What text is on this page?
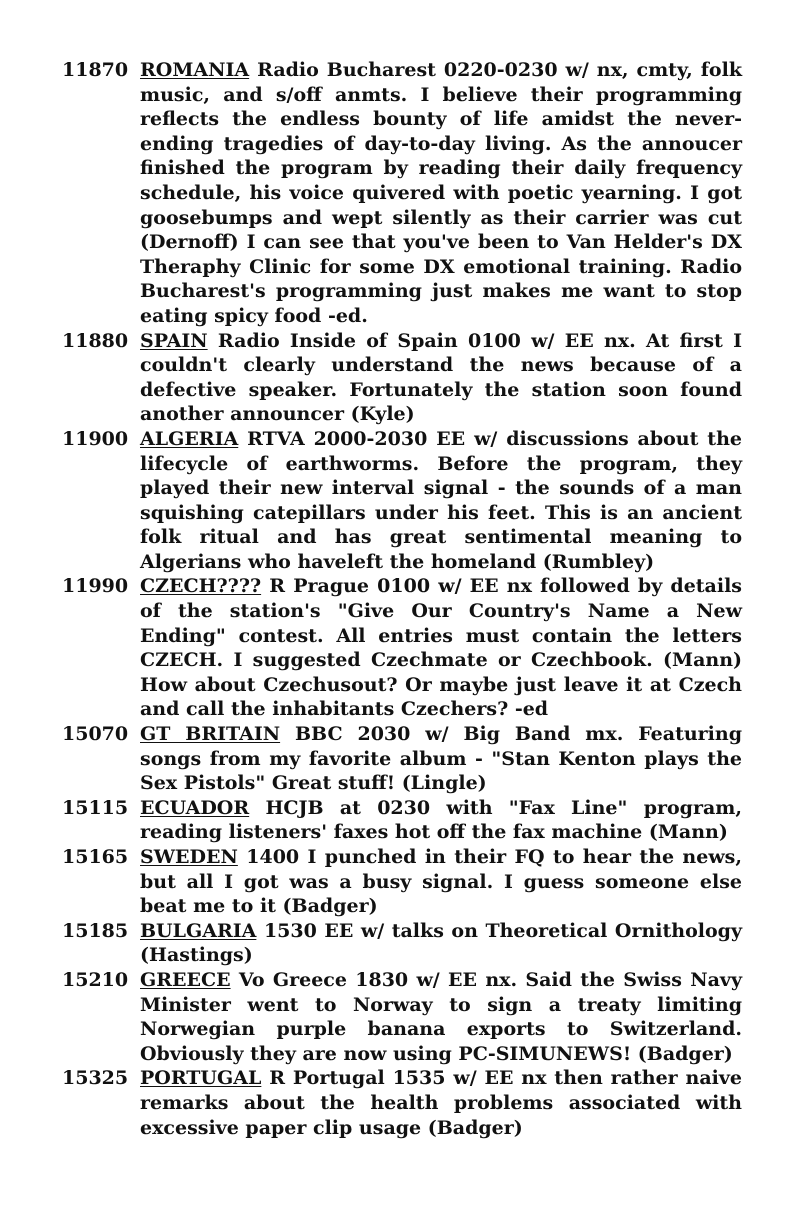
11870 ROMANIA Radio Bucharest 0220-0230 w/ nx, cmty, folk music, and s/off anmts. I believe their programming reflects the endless bounty of life amidst the never-ending tragedies of day-to-day living. As the annoucer finished the program by reading their daily frequency schedule, his voice quivered with poetic yearning. I got goosebumps and wept silently as their carrier was cut (Dernoff) I can see that you've been to Van Helder's DX Theraphy Clinic for some DX emotional training. Radio Bucharest's programming just makes me want to stop eating spicy food -ed.
11880 SPAIN Radio Inside of Spain 0100 w/ EE nx. At first I couldn't clearly understand the news because of a defective speaker. Fortunately the station soon found another announcer (Kyle)
11900 ALGERIA RTVA 2000-2030 EE w/ discussions about the lifecycle of earthworms. Before the program, they played their new interval signal - the sounds of a man squishing catepillars under his feet. This is an ancient folk ritual and has great sentimental meaning to Algerians who haveleft the homeland (Rumbley)
11990 CZECH???? R Prague 0100 w/ EE nx followed by details of the station's "Give Our Country's Name a New Ending" contest. All entries must contain the letters CZECH. I suggested Czechmate or Czechbook. (Mann) How about Czechusout? Or maybe just leave it at Czech and call the inhabitants Czechers? -ed
15070 GT BRITAIN BBC 2030 w/ Big Band mx. Featuring songs from my favorite album - "Stan Kenton plays the Sex Pistols" Great stuff! (Lingle)
15115 ECUADOR HCJB at 0230 with "Fax Line" program, reading listeners' faxes hot off the fax machine (Mann)
15165 SWEDEN 1400 I punched in their FQ to hear the news, but all I got was a busy signal. I guess someone else beat me to it (Badger)
15185 BULGARIA 1530 EE w/ talks on Theoretical Ornithology (Hastings)
15210 GREECE Vo Greece 1830 w/ EE nx. Said the Swiss Navy Minister went to Norway to sign a treaty limiting Norwegian purple banana exports to Switzerland. Obviously they are now using PC-SIMUNEWS! (Badger)
15325 PORTUGAL R Portugal 1535 w/ EE nx then rather naive remarks about the health problems associated with excessive paper clip usage (Badger)
